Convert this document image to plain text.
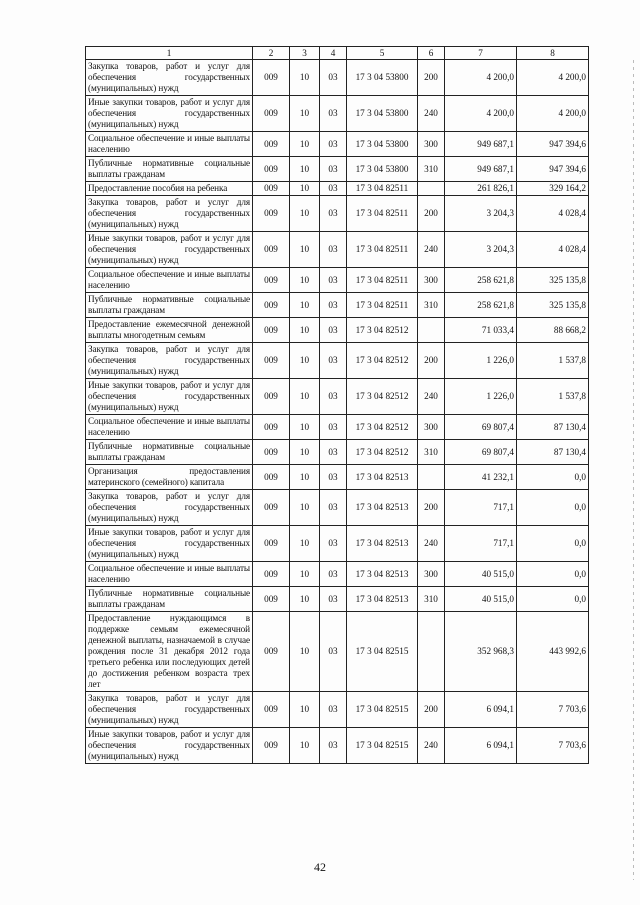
1	2	3	4	5	6	7	8
Закупка товаров, работ и услуг для обеспечения государственных (муниципальных) нужд	009	10	03	17 3 04 53800	200	4 200,0	4 200,0
Иные закупки товаров, работ и услуг для обеспечения государственных (муниципальных) нужд	009	10	03	17 3 04 53800	240	4 200,0	4 200,0
Социальное обеспечение и иные выплаты населению	009	10	03	17 3 04 53800	300	949 687,1	947 394,6
Публичные нормативные социальные выплаты гражданам	009	10	03	17 3 04 53800	310	949 687,1	947 394,6
Предоставление пособия на ребенка	009	10	03	17 3 04 82511		261 826,1	329 164,2
Закупка товаров, работ и услуг для обеспечения государственных (муниципальных) нужд	009	10	03	17 3 04 82511	200	3 204,3	4 028,4
Иные закупки товаров, работ и услуг для обеспечения государственных (муниципальных) нужд	009	10	03	17 3 04 82511	240	3 204,3	4 028,4
Социальное обеспечение и иные выплаты населению	009	10	03	17 3 04 82511	300	258 621,8	325 135,8
Публичные нормативные социальные выплаты гражданам	009	10	03	17 3 04 82511	310	258 621,8	325 135,8
Предоставление ежемесячной денежной выплаты многодетным семьям	009	10	03	17 3 04 82512		71 033,4	88 668,2
Закупка товаров, работ и услуг для обеспечения государственных (муниципальных) нужд	009	10	03	17 3 04 82512	200	1 226,0	1 537,8
Иные закупки товаров, работ и услуг для обеспечения государственных (муниципальных) нужд	009	10	03	17 3 04 82512	240	1 226,0	1 537,8
Социальное обеспечение и иные выплаты населению	009	10	03	17 3 04 82512	300	69 807,4	87 130,4
Публичные нормативные социальные выплаты гражданам	009	10	03	17 3 04 82512	310	69 807,4	87 130,4
Организация предоставления материнского (семейного) капитала	009	10	03	17 3 04 82513		41 232,1	0,0
Закупка товаров, работ и услуг для обеспечения государственных (муниципальных) нужд	009	10	03	17 3 04 82513	200	717,1	0,0
Иные закупки товаров, работ и услуг для обеспечения государственных (муниципальных) нужд	009	10	03	17 3 04 82513	240	717,1	0,0
Социальное обеспечение и иные выплаты населению	009	10	03	17 3 04 82513	300	40 515,0	0,0
Публичные нормативные социальные выплаты гражданам	009	10	03	17 3 04 82513	310	40 515,0	0,0
Предоставление нуждающимся в поддержке семьям ежемесячной денежной выплаты, назначаемой в случае рождения после 31 декабря 2012 года третьего ребенка или последующих детей до достижения ребенком возраста трех лет	009	10	03	17 3 04 82515		352 968,3	443 992,6
Закупка товаров, работ и услуг для обеспечения государственных (муниципальных) нужд	009	10	03	17 3 04 82515	200	6 094,1	7 703,6
Иные закупки товаров, работ и услуг для обеспечения государственных (муниципальных) нужд	009	10	03	17 3 04 82515	240	6 094,1	7 703,6
42
